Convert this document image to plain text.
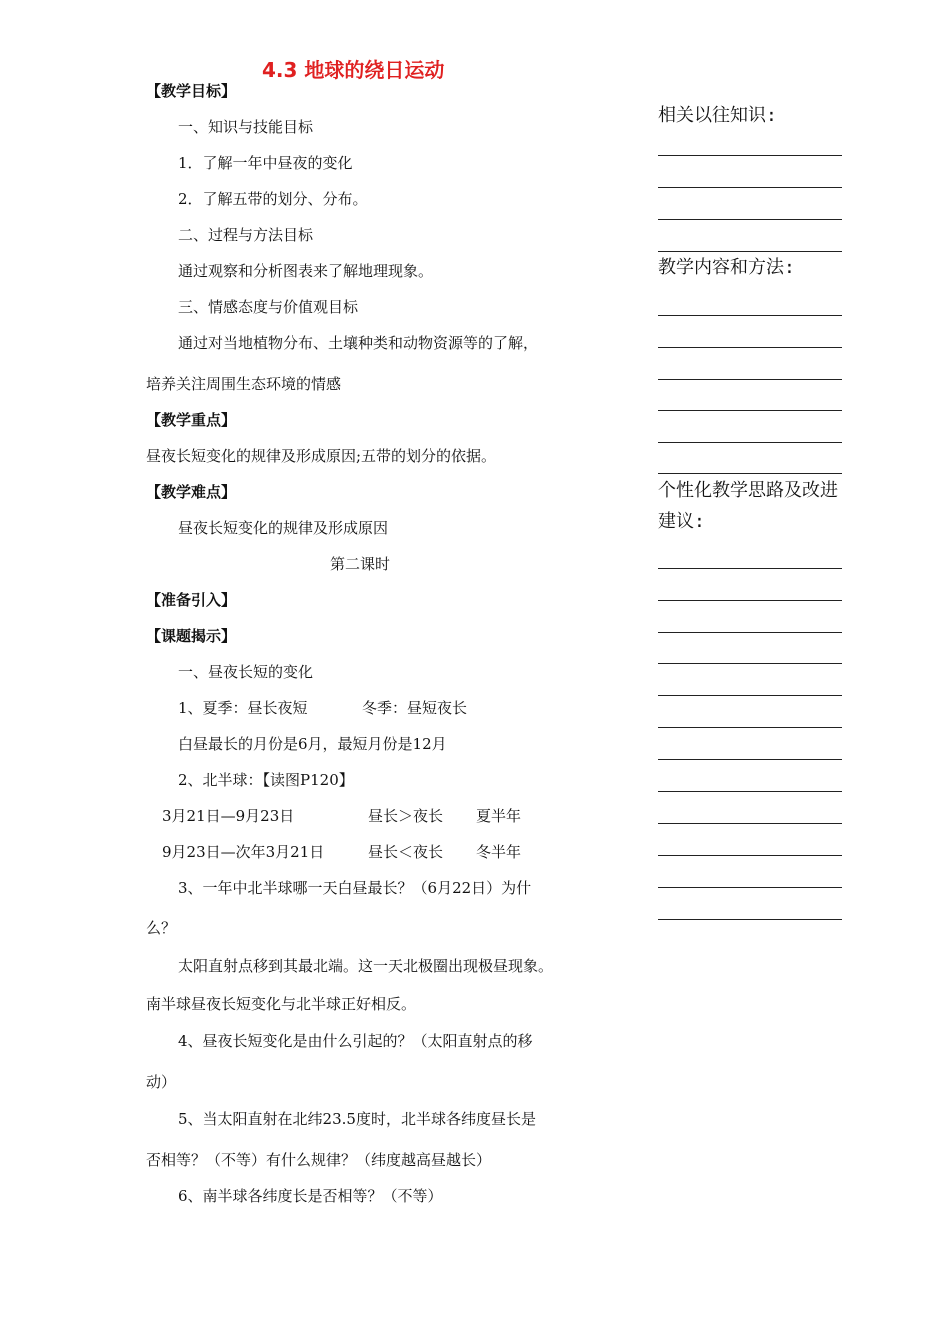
4.3 地球的绕日运动
【教学目标】
一、知识与技能目标
1．了解一年中昼夜的变化
2．了解五带的划分、分布。
二、过程与方法目标
通过观察和分析图表来了解地理现象。
三、情感态度与价值观目标
通过对当地植物分布、土壤种类和动物资源等的了解，
培养关注周围生态环境的情感
【教学重点】
昼夜长短变化的规律及形成原因;五带的划分的依据。
【教学难点】
昼夜长短变化的规律及形成原因
第二课时
【准备引入】
【课题揭示】
一、昼夜长短的变化
1、夏季：昼长夜短	冬季：昼短夜长
白昼最长的月份是6月，最短月份是12月
2、北半球：【读图P120】
3月21日—9月23日	昼长＞夜长 夏半年
9月23日—次年3月21日	昼长＜夜长 冬半年
3、一年中北半球哪一天白昼最长？（6月22日）为什
么？
太阳直射点移到其最北端。这一天北极圈出现极昼现象。
南半球昼夜长短变化与北半球正好相反。
4、昼夜长短变化是由什么引起的？（太阳直射点的移
动）
5、当太阳直射在北纬23.5度时，北半球各纬度昼长是
否相等？（不等）有什么规律？（纬度越高昼越长）
6、南半球各纬度长是否相等？（不等）
相关以往知识:
教学内容和方法:
个性化教学思路及改进
建议:
